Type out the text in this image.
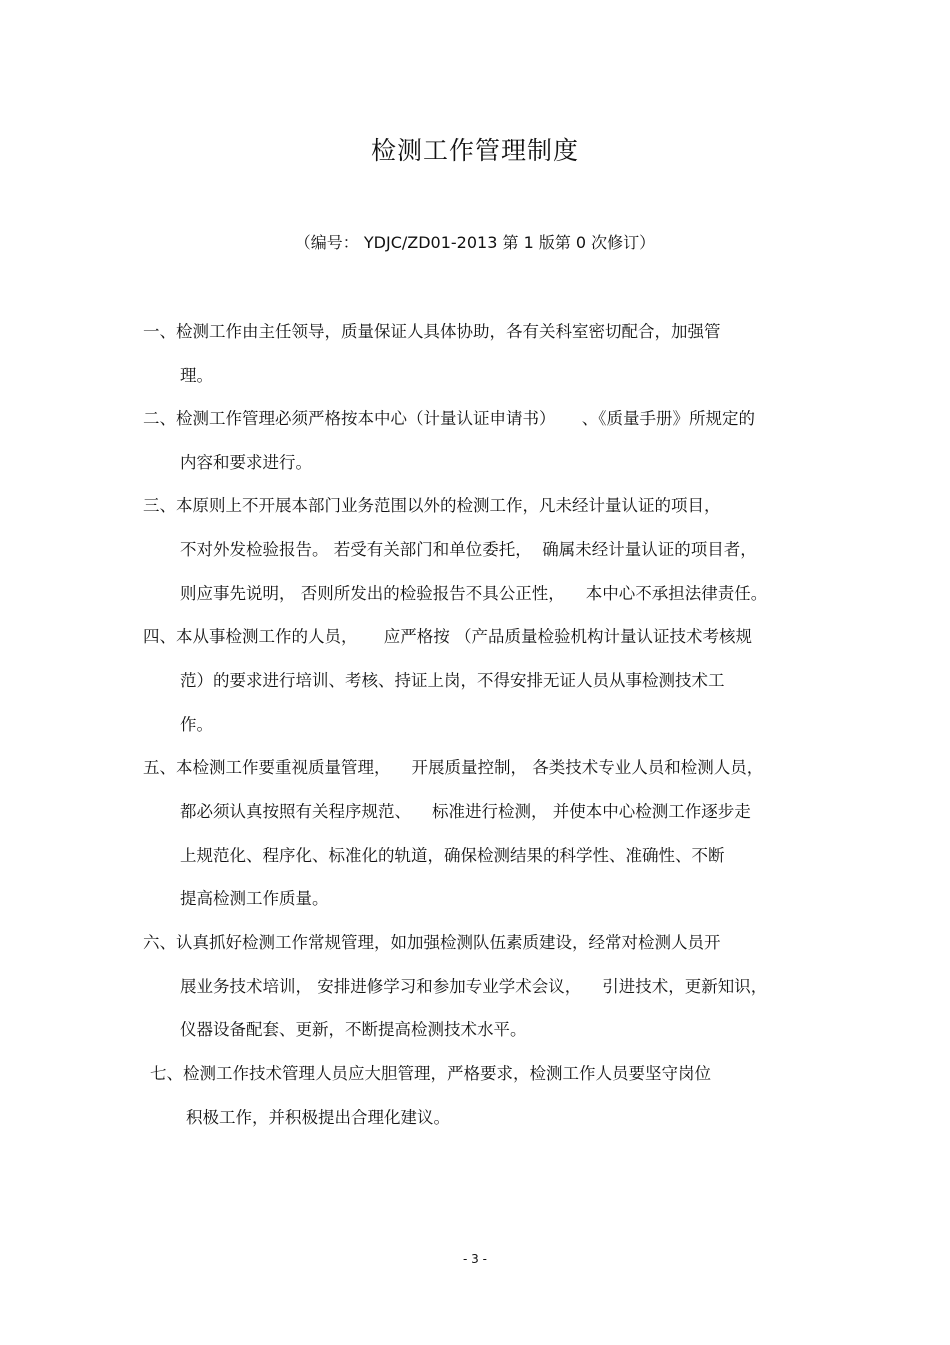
检测工作管理制度
（编号： YDJC/ZD01-2013 第 1 版第 0 次修订）
一、检测工作由主任领导，质量保证人具体协助，各有关科室密切配合，加强管
理。
二、检测工作管理必须严格按本中心（计量认证申请书）     、《质量手册》所规定的
内容和要求进行。
三、本原则上不开展本部门业务范围以外的检测工作，凡未经计量认证的项目，
不对外发检验报告。 若受有关部门和单位委托，  确属未经计量认证的项目者，
则应事先说明， 否则所发出的检验报告不具公正性，    本中心不承担法律责任。
四、本从事检测工作的人员，     应严格按 （产品质量检验机构计量认证技术考核规
范）的要求进行培训、考核、持证上岗，不得安排无证人员从事检测技术工
作。
五、本检测工作要重视质量管理，    开展质量控制， 各类技术专业人员和检测人员，
都必须认真按照有关程序规范、    标准进行检测， 并使本中心检测工作逐步走
上规范化、程序化、标准化的轨道，确保检测结果的科学性、准确性、不断
提高检测工作质量。
六、认真抓好检测工作常规管理，如加强检测队伍素质建设，经常对检测人员开
展业务技术培训， 安排进修学习和参加专业学术会议，    引进技术，更新知识，
仪器设备配套、更新，不断提高检测技术水平。
七、检测工作技术管理人员应大胆管理，严格要求，检测工作人员要坚守岗位
积极工作，并积极提出合理化建议。
- 3 -
